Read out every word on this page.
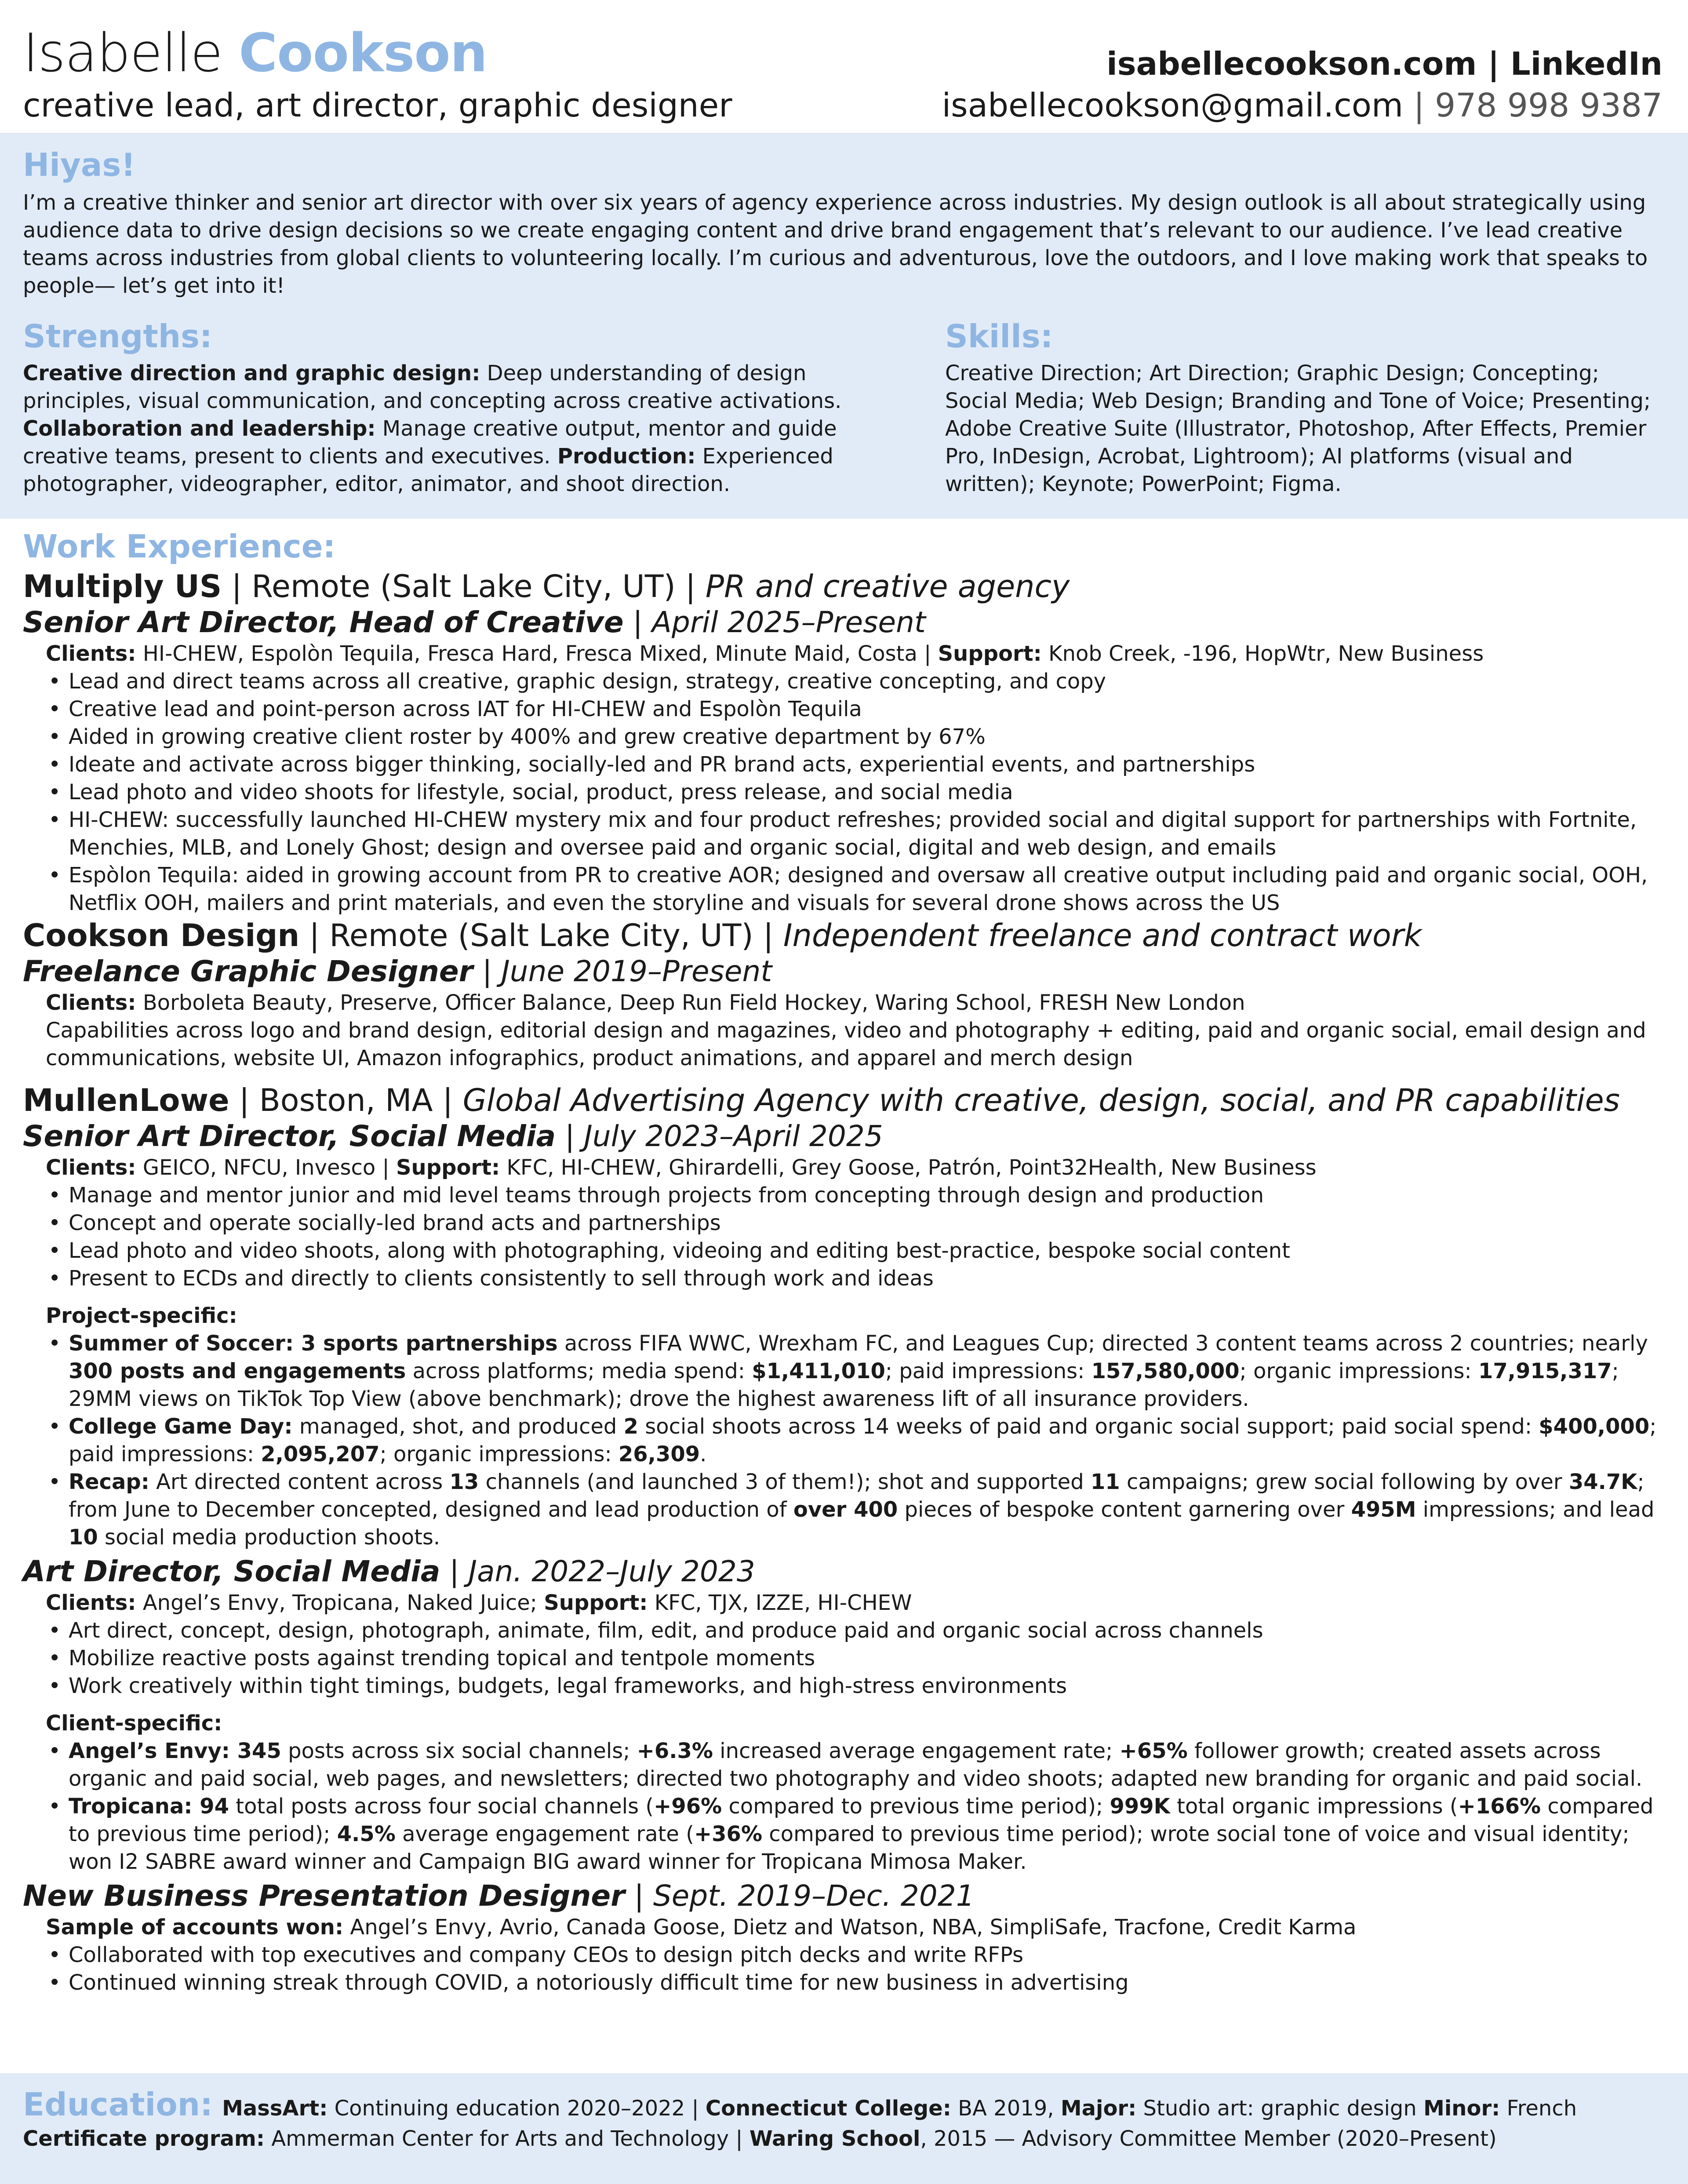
Isabelle Cookson
creative lead, art director, graphic designer
isabellecookson.com | LinkedIn
isabellecookson@gmail.com | 978 998 9387
Hiyas!
I’m a creative thinker and senior art director with over six years of agency experience across industries. My design outlook is all about strategically using audience data to drive design decisions so we create engaging content and drive brand engagement that’s relevant to our audience. I’ve lead creative teams across industries from global clients to volunteering locally. I’m curious and adventurous, love the outdoors, and I love making work that speaks to people— let’s get into it!
Strengths:
Creative direction and graphic design: Deep understanding of design principles, visual communication, and concepting across creative activations. Collaboration and leadership: Manage creative output, mentor and guide creative teams, present to clients and executives. Production: Experienced photographer, videographer, editor, animator, and shoot direction.
Skills:
Creative Direction; Art Direction; Graphic Design; Concepting; Social Media; Web Design; Branding and Tone of Voice; Presenting; Adobe Creative Suite (Illustrator, Photoshop, After Effects, Premier Pro, InDesign, Acrobat, Lightroom); AI platforms (visual and written); Keynote; PowerPoint; Figma.
Work Experience:
Multiply US | Remote (Salt Lake City, UT) | PR and creative agency
Senior Art Director, Head of Creative | April 2025–Present
Clients: HI-CHEW, Espolòn Tequila, Fresca Hard, Fresca Mixed, Minute Maid, Costa | Support: Knob Creek, -196, HopWtr, New Business
• Lead and direct teams across all creative, graphic design, strategy, creative concepting, and copy
• Creative lead and point-person across IAT for HI-CHEW and Espolòn Tequila
• Aided in growing creative client roster by 400% and grew creative department by 67%
• Ideate and activate across bigger thinking, socially-led and PR brand acts, experiential events, and partnerships
• Lead photo and video shoots for lifestyle, social, product, press release, and social media
• HI-CHEW: successfully launched HI-CHEW mystery mix and four product refreshes; provided social and digital support for partnerships with Fortnite, Menchies, MLB, and Lonely Ghost; design and oversee paid and organic social, digital and web design, and emails
• Espòlon Tequila: aided in growing account from PR to creative AOR; designed and oversaw all creative output including paid and organic social, OOH, Netflix OOH, mailers and print materials, and even the storyline and visuals for several drone shows across the US
Cookson Design | Remote (Salt Lake City, UT) | Independent freelance and contract work
Freelance Graphic Designer | June 2019–Present
Clients: Borboleta Beauty, Preserve, Officer Balance, Deep Run Field Hockey, Waring School, FRESH New London
Capabilities across logo and brand design, editorial design and magazines, video and photography + editing, paid and organic social, email design and communications, website UI, Amazon infographics, product animations, and apparel and merch design
MullenLowe | Boston, MA | Global Advertising Agency with creative, design, social, and PR capabilities
Senior Art Director, Social Media | July 2023–April 2025
Clients: GEICO, NFCU, Invesco | Support: KFC, HI-CHEW, Ghirardelli, Grey Goose, Patrón, Point32Health, New Business
• Manage and mentor junior and mid level teams through projects from concepting through design and production
• Concept and operate socially-led brand acts and partnerships
• Lead photo and video shoots, along with photographing, videoing and editing best-practice, bespoke social content
• Present to ECDs and directly to clients consistently to sell through work and ideas
Project-specific:
• Summer of Soccer: 3 sports partnerships across FIFA WWC, Wrexham FC, and Leagues Cup; directed 3 content teams across 2 countries; nearly 300 posts and engagements across platforms; media spend: $1,411,010; paid impressions: 157,580,000; organic impressions: 17,915,317; 29MM views on TikTok Top View (above benchmark); drove the highest awareness lift of all insurance providers.
• College Game Day: managed, shot, and produced 2 social shoots across 14 weeks of paid and organic social support; paid social spend: $400,000; paid impressions: 2,095,207; organic impressions: 26,309.
• Recap: Art directed content across 13 channels (and launched 3 of them!); shot and supported 11 campaigns; grew social following by over 34.7K; from June to December concepted, designed and lead production of over 400 pieces of bespoke content garnering over 495M impressions; and lead 10 social media production shoots.
Art Director, Social Media | Jan. 2022–July 2023
Clients: Angel’s Envy, Tropicana, Naked Juice; Support: KFC, TJX, IZZE, HI-CHEW
• Art direct, concept, design, photograph, animate, film, edit, and produce paid and organic social across channels
• Mobilize reactive posts against trending topical and tentpole moments
• Work creatively within tight timings, budgets, legal frameworks, and high-stress environments
Client-specific:
• Angel’s Envy: 345 posts across six social channels; +6.3% increased average engagement rate; +65% follower growth; created assets across organic and paid social, web pages, and newsletters; directed two photography and video shoots; adapted new branding for organic and paid social.
• Tropicana: 94 total posts across four social channels (+96% compared to previous time period); 999K total organic impressions (+166% compared to previous time period); 4.5% average engagement rate (+36% compared to previous time period); wrote social tone of voice and visual identity; won I2 SABRE award winner and Campaign BIG award winner for Tropicana Mimosa Maker.
New Business Presentation Designer | Sept. 2019–Dec. 2021
Sample of accounts won: Angel’s Envy, Avrio, Canada Goose, Dietz and Watson, NBA, SimpliSafe, Tracfone, Credit Karma
• Collaborated with top executives and company CEOs to design pitch decks and write RFPs
• Continued winning streak through COVID, a notoriously difficult time for new business in advertising
Education: MassArt: Continuing education 2020–2022 | Connecticut College: BA 2019, Major: Studio art: graphic design Minor: French
Certificate program: Ammerman Center for Arts and Technology | Waring School, 2015 — Advisory Committee Member (2020–Present)
